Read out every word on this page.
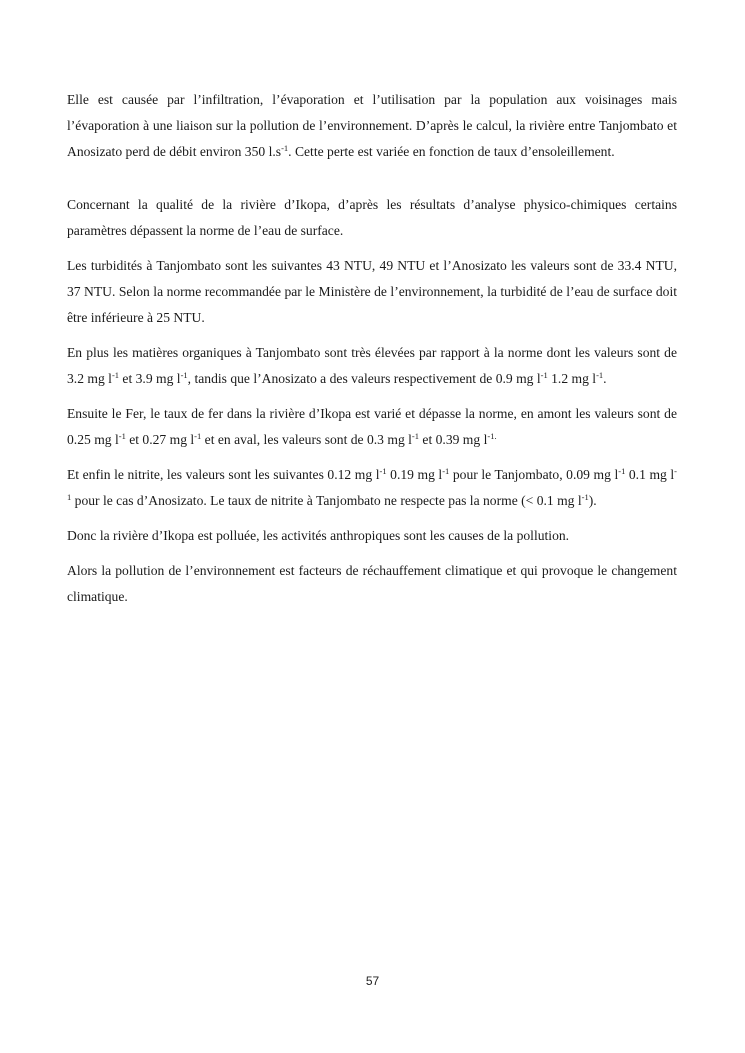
Elle est causée par l’infiltration, l’évaporation et l’utilisation par la population aux voisinages mais l’évaporation à une liaison sur la pollution de l’environnement. D’après le calcul, la rivière entre Tanjombato et Anosizato perd de débit environ 350 $l.s^{-1}$. Cette perte est variée en fonction de taux d’ensoleillement.

Concernant la qualité de la rivière d’Ikopa, d’après les résultats d’analyse physico-chimiques certains paramètres dépassent la norme de l’eau de surface.

Les turbidités à Tanjombato sont les suivantes 43 NTU, 49 NTU et l’Anosizato les valeurs sont de 33.4 NTU, 37 NTU. Selon la norme recommandée par le Ministère de l’environnement, la turbidité de l’eau de surface doit être inférieure à 25 NTU.

En plus les matières organiques à Tanjombato sont très élevées par rapport à la norme dont les valeurs sont de 3.2 mg $l^{-1}$ et 3.9 mg $l^{-1}$, tandis que l’Anosizato a des valeurs respectivement de 0.9 mg $l^{-1}$ 1.2 mg $l^{-1}$.

Ensuite le Fer, le taux de fer dans la rivière d’Ikopa est varié et dépasse la norme, en amont les valeurs sont de 0.25 mg $l^{-1}$ et 0.27 mg $l^{-1}$ et en aval, les valeurs sont de 0.3 mg $l^{-1}$ et 0.39 mg $l^{-1.}$

Et enfin le nitrite, les valeurs sont les suivantes 0.12 mg $l^{-1}$ 0.19 mg $l^{-1}$ pour le Tanjombato, 0.09 mg $l^{-1}$ 0.1 mg $l^{-1}$ pour le cas d’Anosizato. Le taux de nitrite à Tanjombato ne respecte pas la norme (< 0.1 mg $l^{-1}$).

Donc la rivière d’Ikopa est polluée, les activités anthropiques sont les causes de la pollution.

Alors la pollution de l’environnement est facteurs de réchauffement climatique et qui provoque le changement climatique.

57
